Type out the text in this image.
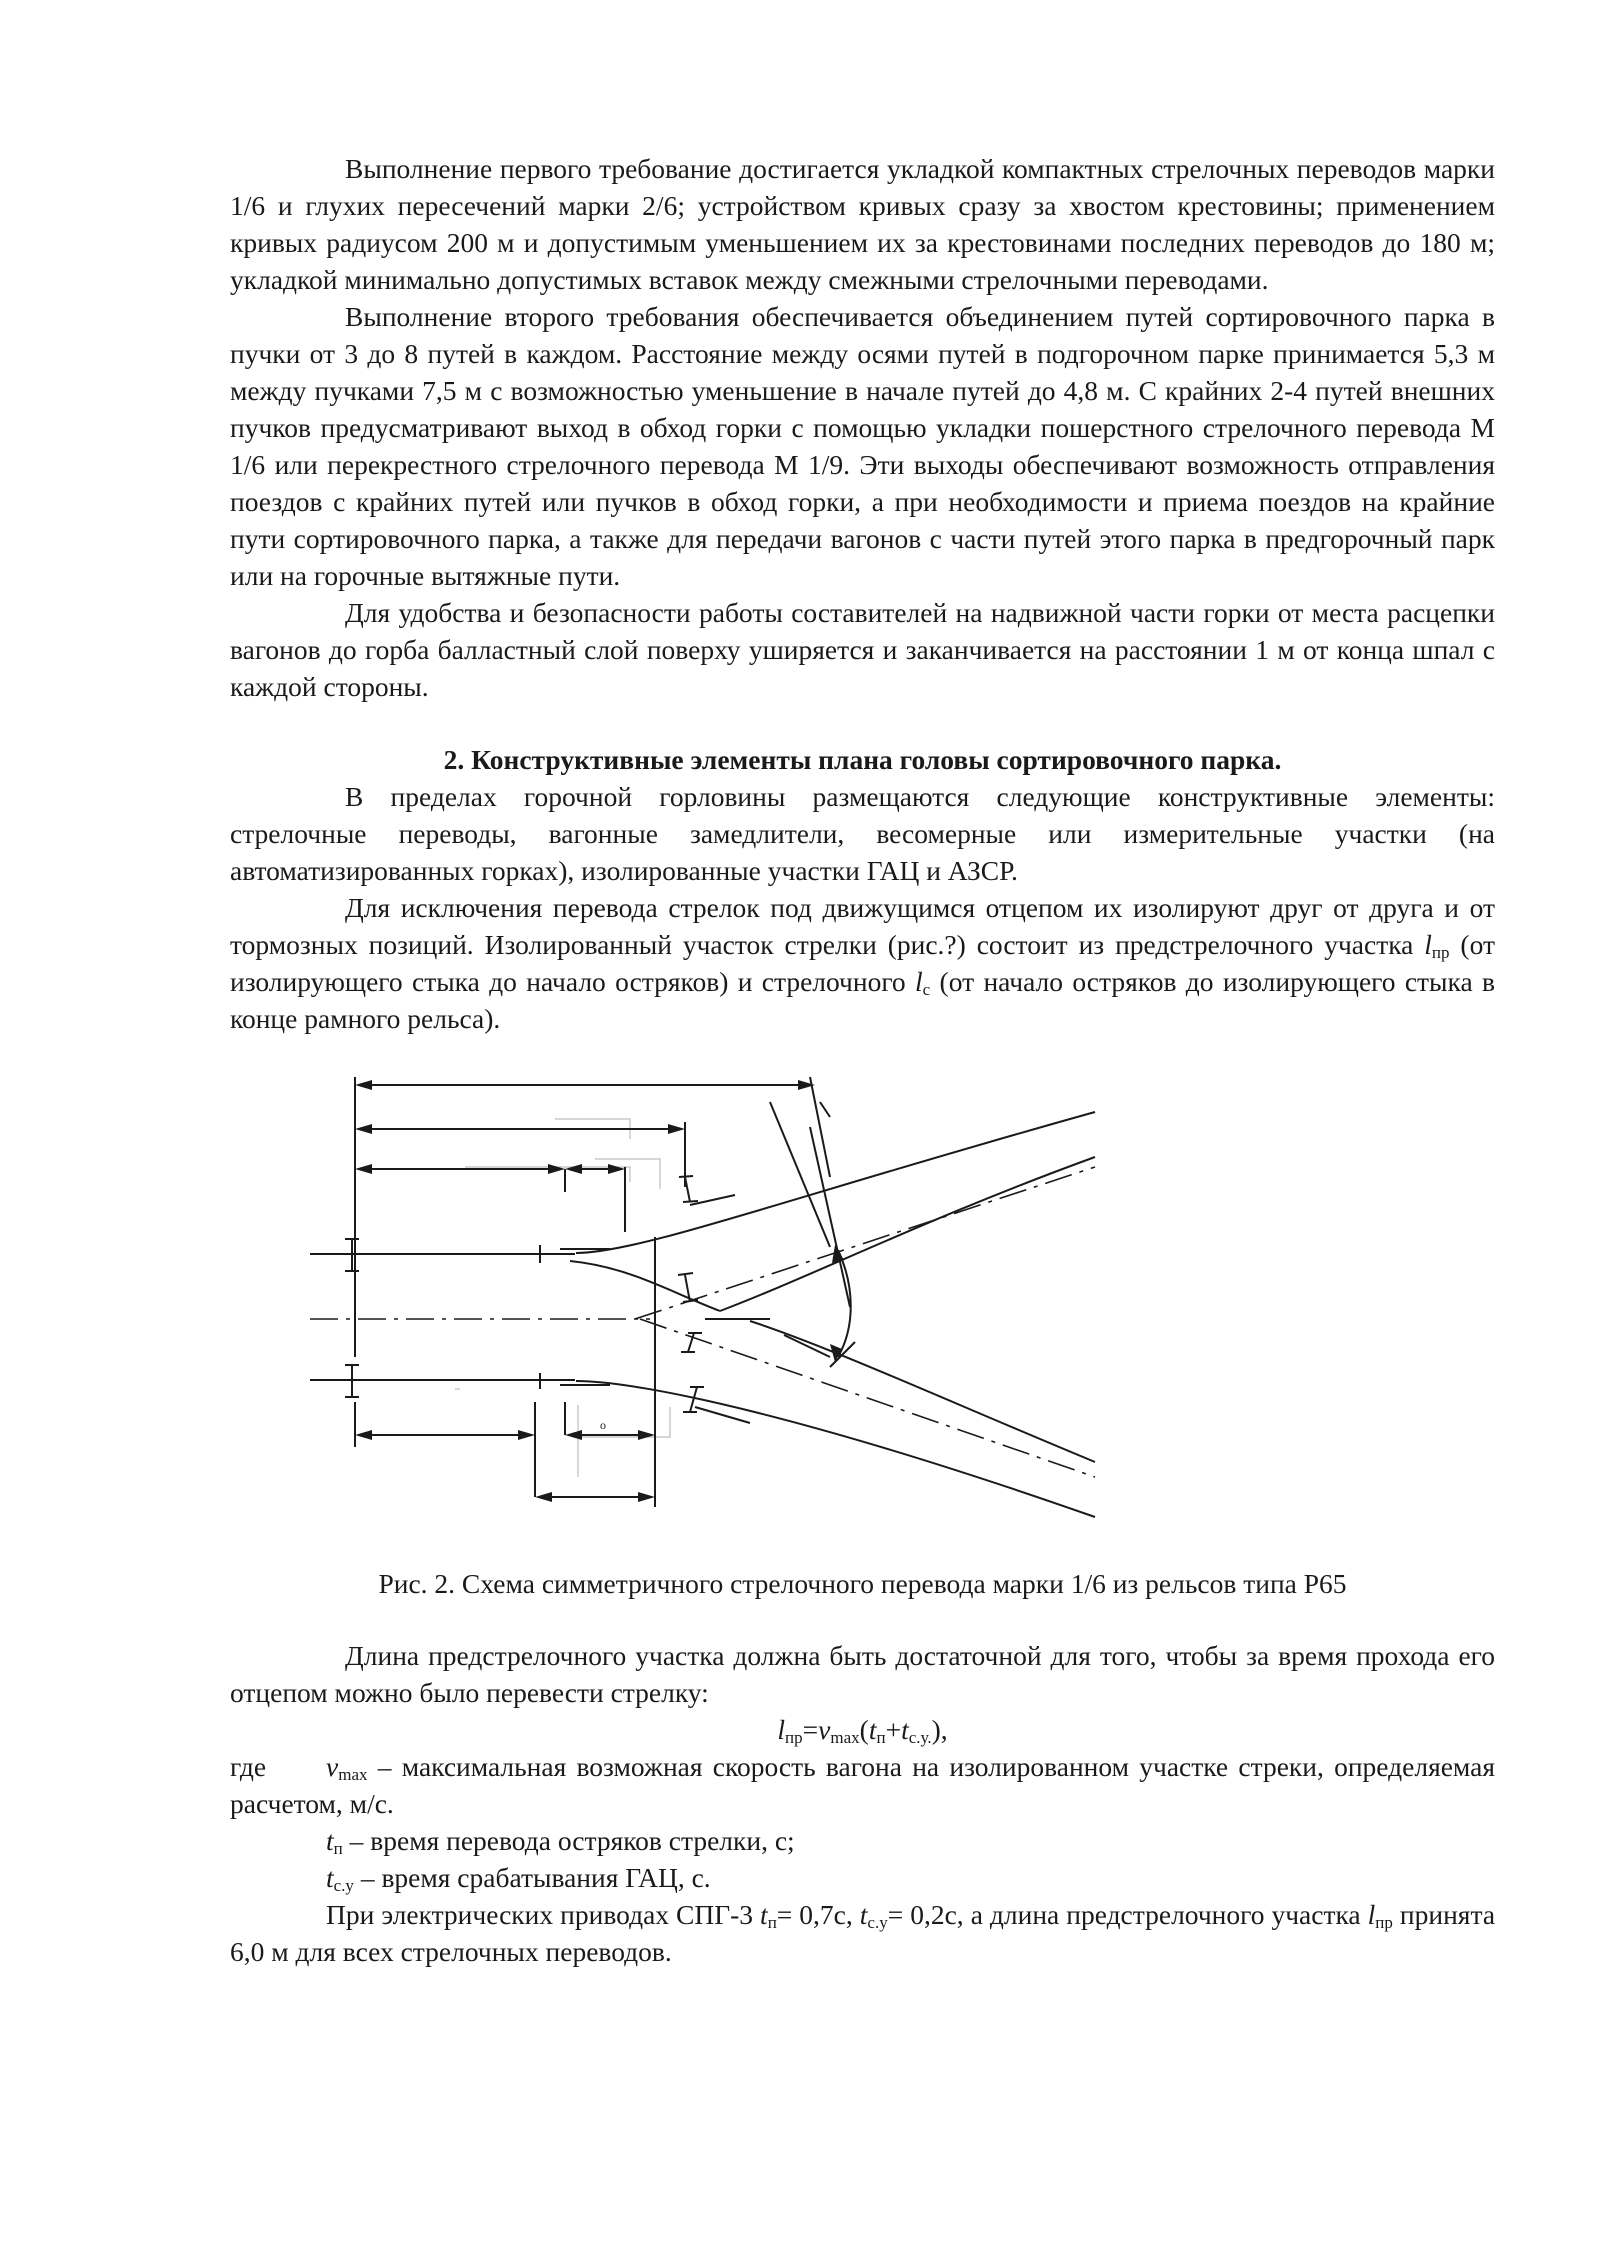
Выполнение первого требование достигается укладкой компактных стрелочных переводов марки 1/6 и глухих пересечений марки 2/6; устройством кривых сразу за хвостом крестовины; применением кривых радиусом 200 м и допустимым уменьшением их за крестовинами последних переводов до 180 м; укладкой минимально допустимых вставок между смежными стрелочными переводами.

Выполнение второго требования обеспечивается объединением путей сортировочного парка в пучки от 3 до 8 путей в каждом. Расстояние между осями путей в подгорочном парке принимается 5,3 м между пучками 7,5 м с возможностью уменьшение в начале путей до 4,8 м. С крайних 2-4 путей внешних пучков предусматривают выход в обход горки с помощью укладки пошерстного стрелочного перевода М 1/6 или перекрестного стрелочного перевода М 1/9. Эти выходы обеспечивают возможность отправления поездов с крайних путей или пучков в обход горки, а при необходимости и приема поездов на крайние пути сортировочного парка, а также для передачи вагонов с части путей этого парка в предгорочный парк или на горочные вытяжные пути.

Для удобства и безопасности работы составителей на надвижной части горки от места расцепки вагонов до горба балластный слой поверху уширяется и заканчивается на расстоянии 1 м от конца шпал с каждой стороны.

2. Конструктивные элементы плана головы сортировочного парка.

В пределах горочной горловины размещаются следующие конструктивные элементы: стрелочные переводы, вагонные замедлители, весомерные или измерительные участки (на автоматизированных горках), изолированные участки ГАЦ и АЗСР.

Для исключения перевода стрелок под движущимся отцепом их изолируют друг от друга и от тормозных позиций. Изолированный участок стрелки (рис.?) состоит из предстрелочного участка $l_{пр}$ (от изолирующего стыка до начало остряков) и стрелочного $l_с$ (от начало остряков до изолирующего стыка в конце рамного рельса).

о

Рис. 2. Схема симметричного стрелочного перевода марки 1/6 из рельсов типа Р65

Длина предстрелочного участка должна быть достаточной для того, чтобы за время прохода его отцепом можно было перевести стрелку:

$l_{пр}=v_{max}(t_п+t_{с.у.})$,

где $v_{max}$ – максимальная возможная скорость вагона на изолированном участке стреки, определяемая расчетом, м/с.

$t_п$ – время перевода остряков стрелки, с;

$t_{с.у}$ – время срабатывания ГАЦ, с.

При электрических приводах СПГ-3 $t_п= 0,7с$, $t_{с.у}= 0,2с$, а длина предстрелочного участка $l_{пр}$ принята 6,0 м для всех стрелочных переводов.
